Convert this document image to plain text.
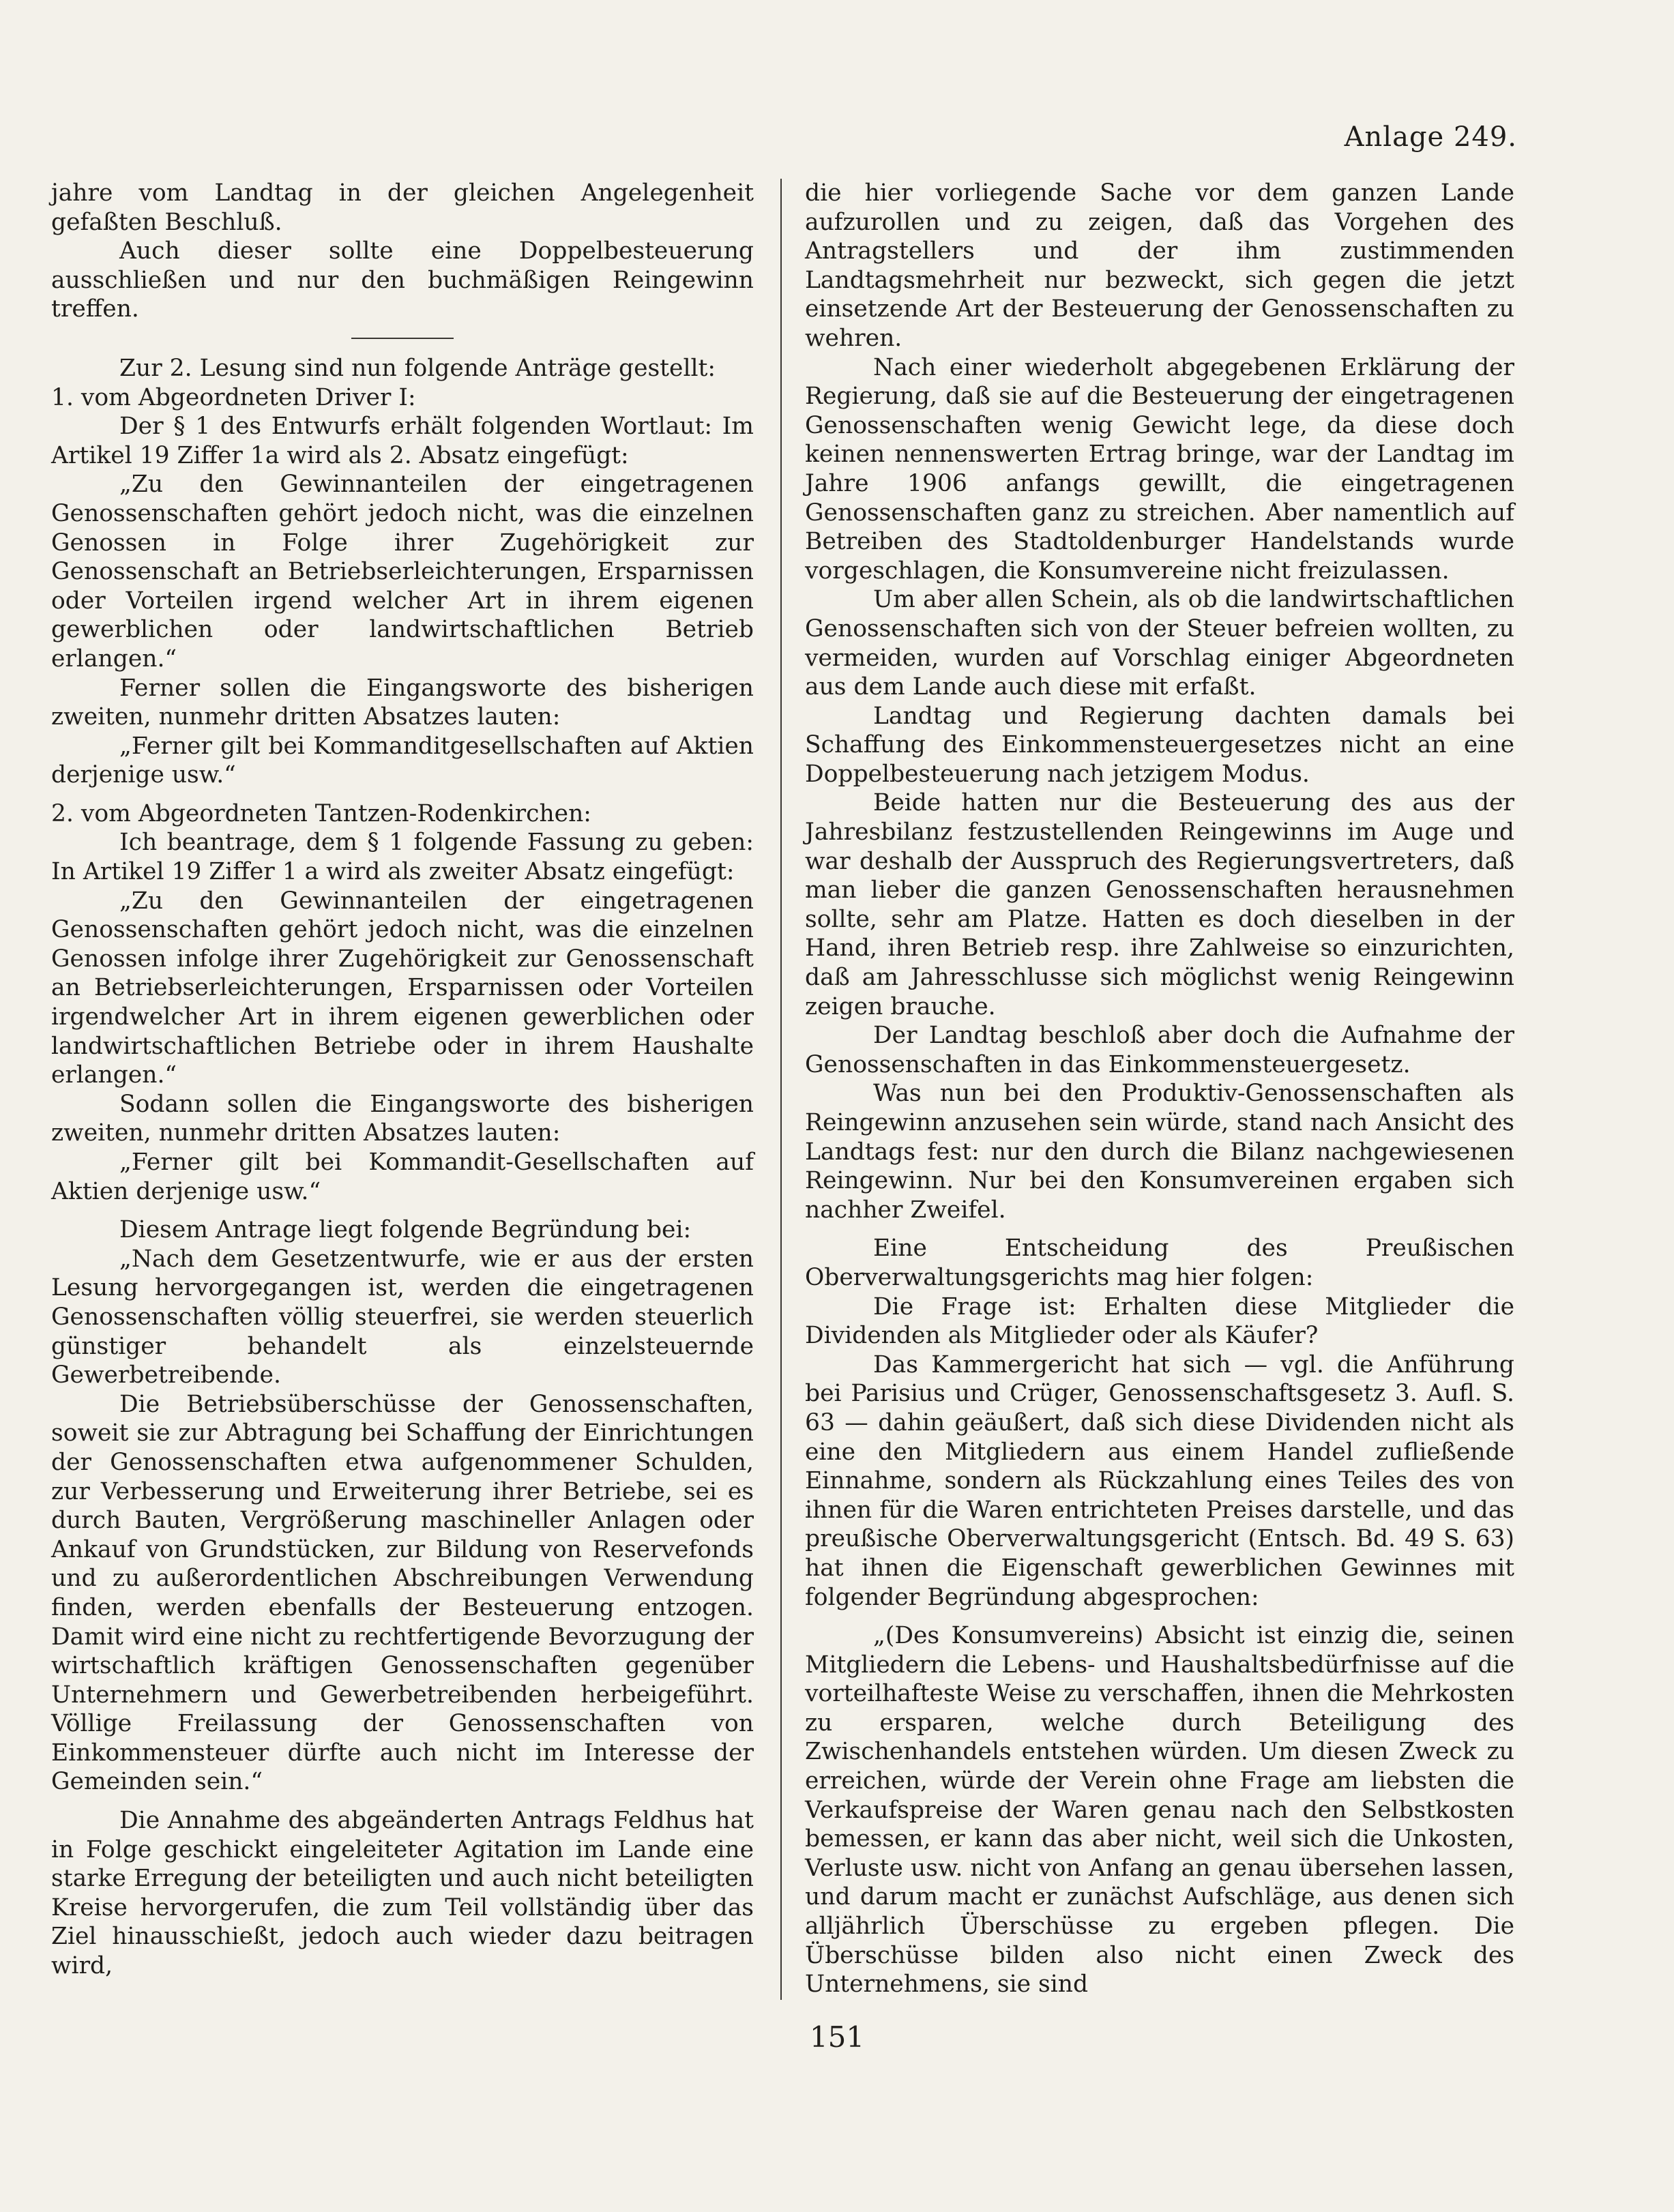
Anlage 249.

jahre vom Landtag in der gleichen Angelegenheit gefaßten Beschluß.

Auch dieser sollte eine Doppelbesteuerung ausschließen und nur den buchmäßigen Reingewinn treffen.

Zur 2. Lesung sind nun folgende Anträge gestellt:

1. vom Abgeordneten Driver I:

Der § 1 des Entwurfs erhält folgenden Wortlaut: Im Artikel 19 Ziffer 1a wird als 2. Absatz eingefügt:

„Zu den Gewinnanteilen der eingetragenen Genossenschaften gehört jedoch nicht, was die einzelnen Genossen in Folge ihrer Zugehörigkeit zur Genossenschaft an Betriebserleichterungen, Ersparnissen oder Vorteilen irgend welcher Art in ihrem eigenen gewerblichen oder landwirtschaftlichen Betrieb erlangen.“

Ferner sollen die Eingangsworte des bisherigen zweiten, nunmehr dritten Absatzes lauten:

„Ferner gilt bei Kommanditgesellschaften auf Aktien derjenige usw.“

2. vom Abgeordneten Tantzen-Rodenkirchen:

Ich beantrage, dem § 1 folgende Fassung zu geben: In Artikel 19 Ziffer 1 a wird als zweiter Absatz eingefügt:

„Zu den Gewinnanteilen der eingetragenen Genossenschaften gehört jedoch nicht, was die einzelnen Genossen infolge ihrer Zugehörigkeit zur Genossenschaft an Betriebserleichterungen, Ersparnissen oder Vorteilen irgendwelcher Art in ihrem eigenen gewerblichen oder landwirtschaftlichen Betriebe oder in ihrem Haushalte erlangen.“

Sodann sollen die Eingangsworte des bisherigen zweiten, nunmehr dritten Absatzes lauten:

„Ferner gilt bei Kommandit-Gesellschaften auf Aktien derjenige usw.“

Diesem Antrage liegt folgende Begründung bei:

„Nach dem Gesetzentwurfe, wie er aus der ersten Lesung hervorgegangen ist, werden die eingetragenen Genossenschaften völlig steuerfrei, sie werden steuerlich günstiger behandelt als einzelsteuernde Gewerbetreibende.

Die Betriebsüberschüsse der Genossenschaften, soweit sie zur Abtragung bei Schaffung der Einrichtungen der Genossenschaften etwa aufgenommener Schulden, zur Verbesserung und Erweiterung ihrer Betriebe, sei es durch Bauten, Vergrößerung maschineller Anlagen oder Ankauf von Grundstücken, zur Bildung von Reservefonds und zu außerordentlichen Abschreibungen Verwendung finden, werden ebenfalls der Besteuerung entzogen. Damit wird eine nicht zu rechtfertigende Bevorzugung der wirtschaftlich kräftigen Genossenschaften gegenüber Unternehmern und Gewerbetreibenden herbeigeführt. Völlige Freilassung der Genossenschaften von Einkommensteuer dürfte auch nicht im Interesse der Gemeinden sein.“

Die Annahme des abgeänderten Antrags Feldhus hat in Folge geschickt eingeleiteter Agitation im Lande eine starke Erregung der beteiligten und auch nicht beteiligten Kreise hervorgerufen, die zum Teil vollständig über das Ziel hinausschießt, jedoch auch wieder dazu beitragen wird,

die hier vorliegende Sache vor dem ganzen Lande aufzurollen und zu zeigen, daß das Vorgehen des Antragstellers und der ihm zustimmenden Landtagsmehrheit nur bezweckt, sich gegen die jetzt einsetzende Art der Besteuerung der Genossenschaften zu wehren.

Nach einer wiederholt abgegebenen Erklärung der Regierung, daß sie auf die Besteuerung der eingetragenen Genossenschaften wenig Gewicht lege, da diese doch keinen nennenswerten Ertrag bringe, war der Landtag im Jahre 1906 anfangs gewillt, die eingetragenen Genossenschaften ganz zu streichen. Aber namentlich auf Betreiben des Stadtoldenburger Handelstands wurde vorgeschlagen, die Konsumvereine nicht freizulassen.

Um aber allen Schein, als ob die landwirtschaftlichen Genossenschaften sich von der Steuer befreien wollten, zu vermeiden, wurden auf Vorschlag einiger Abgeordneten aus dem Lande auch diese mit erfaßt.

Landtag und Regierung dachten damals bei Schaffung des Einkommensteuergesetzes nicht an eine Doppelbesteuerung nach jetzigem Modus.

Beide hatten nur die Besteuerung des aus der Jahresbilanz festzustellenden Reingewinns im Auge und war deshalb der Ausspruch des Regierungsvertreters, daß man lieber die ganzen Genossenschaften herausnehmen sollte, sehr am Platze. Hatten es doch dieselben in der Hand, ihren Betrieb resp. ihre Zahlweise so einzurichten, daß am Jahresschlusse sich möglichst wenig Reingewinn zeigen brauche.

Der Landtag beschloß aber doch die Aufnahme der Genossenschaften in das Einkommensteuergesetz.

Was nun bei den Produktiv-Genossenschaften als Reingewinn anzusehen sein würde, stand nach Ansicht des Landtags fest: nur den durch die Bilanz nachgewiesenen Reingewinn. Nur bei den Konsumvereinen ergaben sich nachher Zweifel.

Eine Entscheidung des Preußischen Oberverwaltungsgerichts mag hier folgen:

Die Frage ist: Erhalten diese Mitglieder die Dividenden als Mitglieder oder als Käufer?

Das Kammergericht hat sich — vgl. die Anführung bei Parisius und Crüger, Genossenschaftsgesetz 3. Aufl. S. 63 — dahin geäußert, daß sich diese Dividenden nicht als eine den Mitgliedern aus einem Handel zufließende Einnahme, sondern als Rückzahlung eines Teiles des von ihnen für die Waren entrichteten Preises darstelle, und das preußische Oberverwaltungsgericht (Entsch. Bd. 49 S. 63) hat ihnen die Eigenschaft gewerblichen Gewinnes mit folgender Begründung abgesprochen:

„(Des Konsumvereins) Absicht ist einzig die, seinen Mitgliedern die Lebens- und Haushaltsbedürfnisse auf die vorteilhafteste Weise zu verschaffen, ihnen die Mehrkosten zu ersparen, welche durch Beteiligung des Zwischenhandels entstehen würden. Um diesen Zweck zu erreichen, würde der Verein ohne Frage am liebsten die Verkaufspreise der Waren genau nach den Selbstkosten bemessen, er kann das aber nicht, weil sich die Unkosten, Verluste usw. nicht von Anfang an genau übersehen lassen, und darum macht er zunächst Aufschläge, aus denen sich alljährlich Überschüsse zu ergeben pflegen. Die Überschüsse bilden also nicht einen Zweck des Unternehmens, sie sind

151
